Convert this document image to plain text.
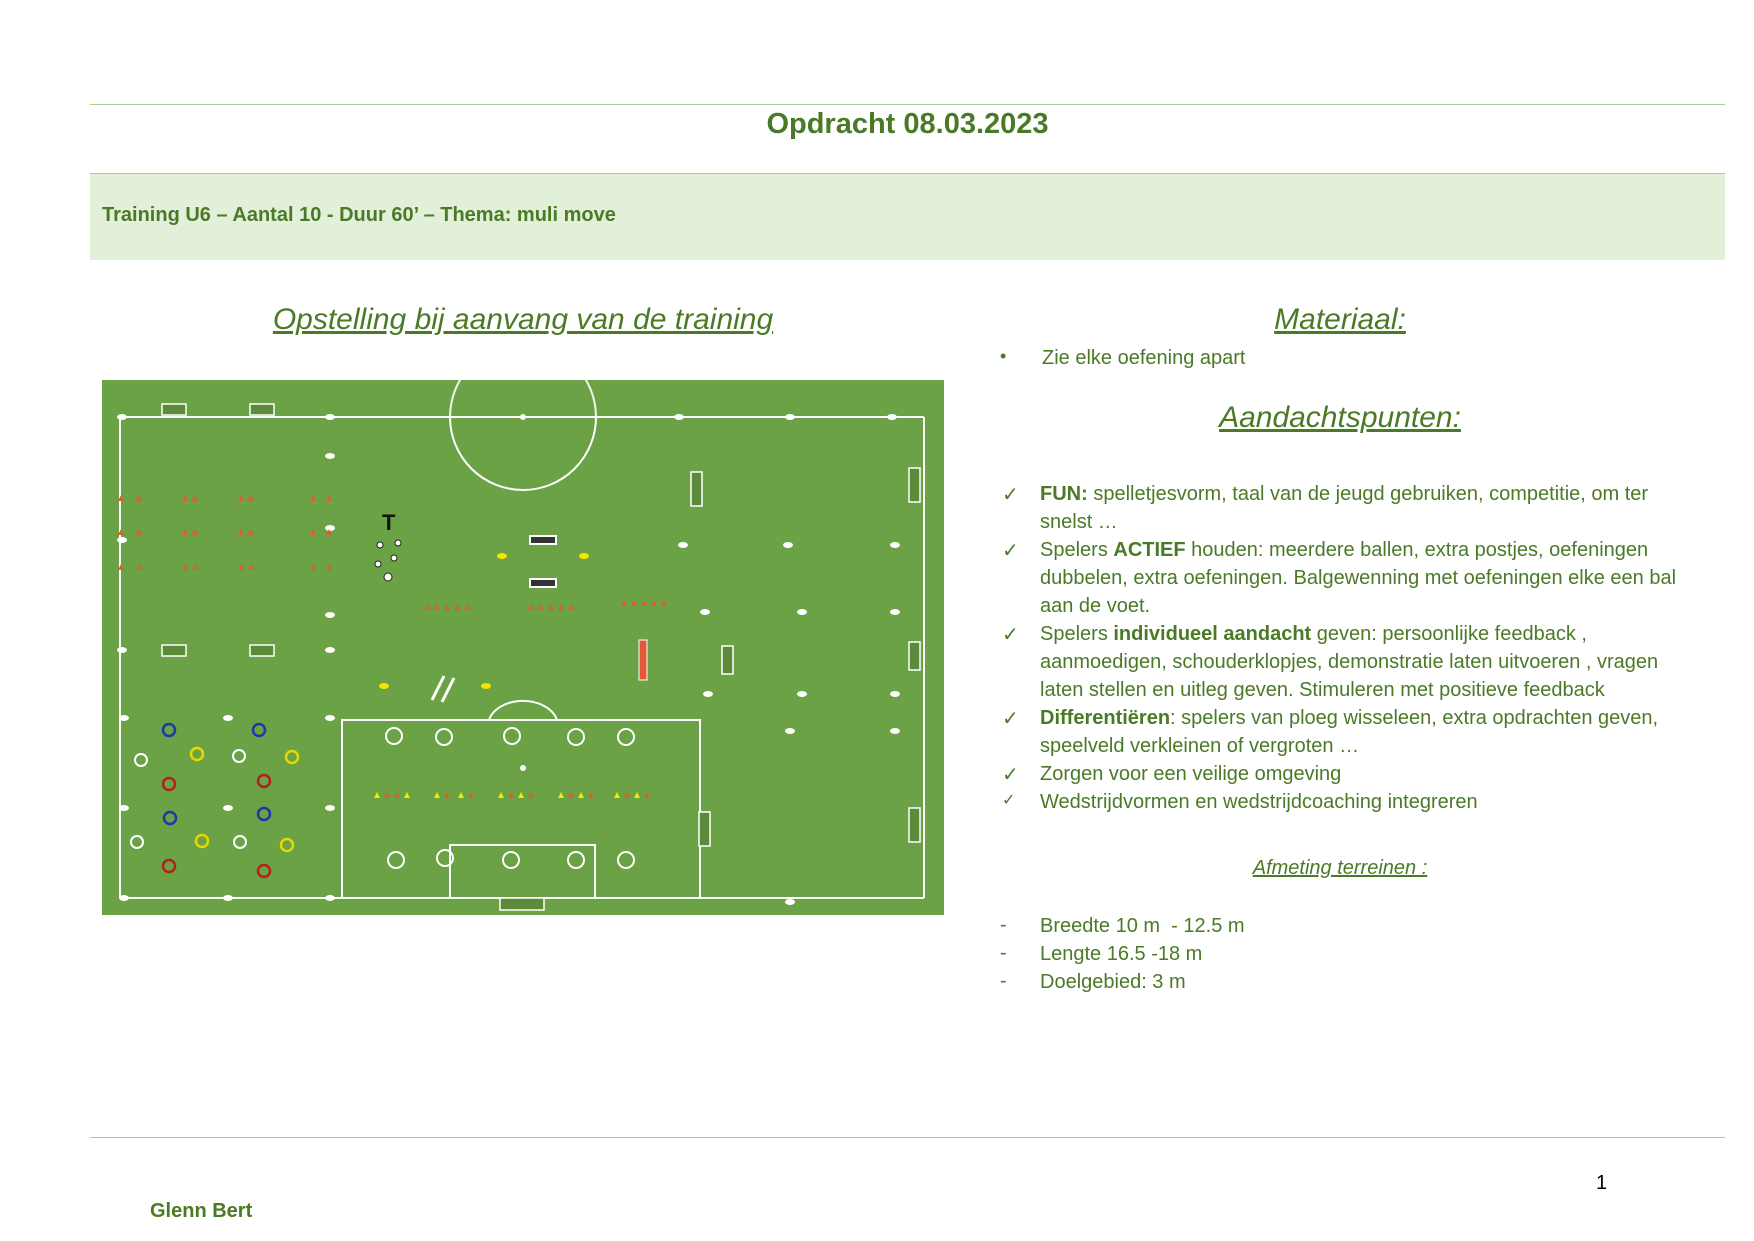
Opdracht 08.03.2023
Training U6 – Aantal 10 - Duur 60’ – Thema: muli move
Opstelling bij aanvang van de training
T
Materiaal:
• Zie elke oefening apart
Aandachtspunten:
✓ FUN: spelletjesvorm, taal van de jeugd gebruiken, competitie, om ter
snelst …
✓ Spelers ACTIEF houden: meerdere ballen, extra postjes, oefeningen
dubbelen, extra oefeningen. Balgewenning met oefeningen elke een bal
aan de voet.
✓ Spelers individueel aandacht geven: persoonlijke feedback ,
aanmoedigen, schouderklopjes, demonstratie laten uitvoeren , vragen
laten stellen en uitleg geven. Stimuleren met positieve feedback
✓ Differentiëren: spelers van ploeg wisseleen, extra opdrachten geven,
speelveld verkleinen of vergroten …
✓ Zorgen voor een veilige omgeving
✓ Wedstrijdvormen en wedstrijdcoaching integreren
Afmeting terreinen :
- Breedte 10 m  - 12.5 m
- Lengte 16.5 -18 m
- Doelgebied: 3 m
1
Glenn Bert
